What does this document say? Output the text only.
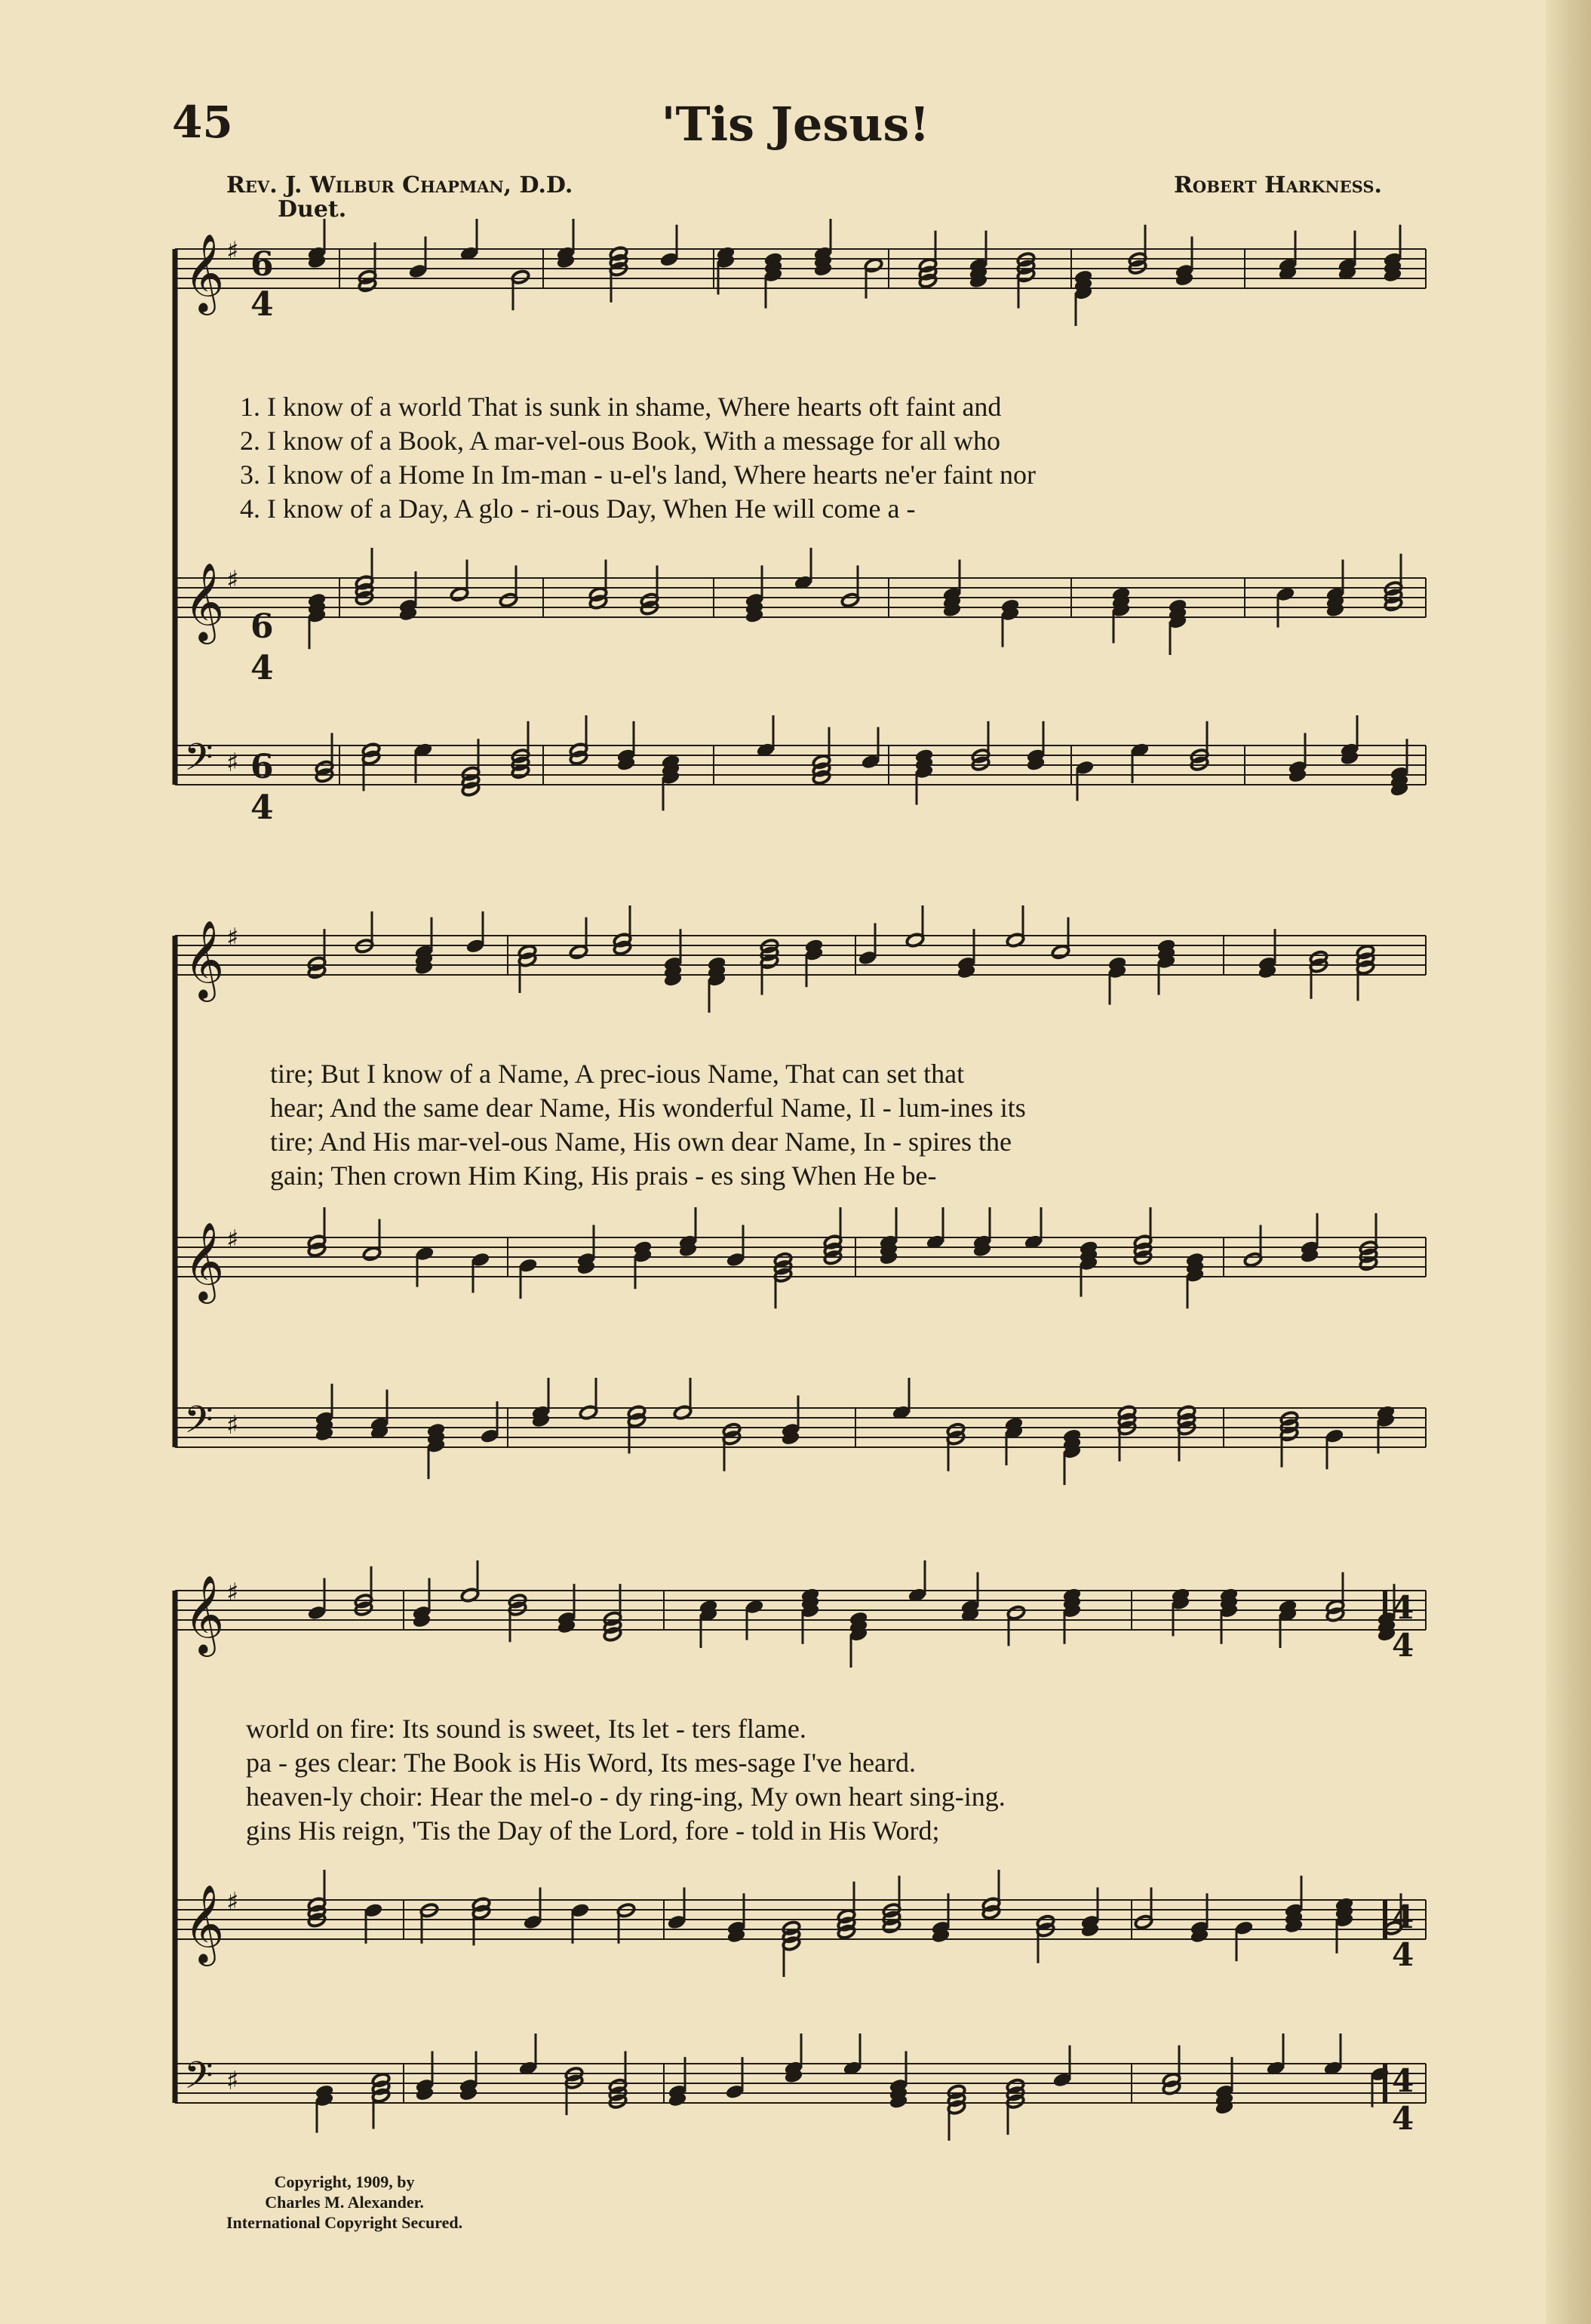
45	'Tis Jesus!
Rev. J. Wilbur Chapman, D.D.	Robert Harkness.
Duet.
𝄞 ♯
𝄞 ♯
𝄢 ♯
𝄞 ♯
𝄞 ♯
𝄢 ♯
𝄞 ♯
𝄞 ♯
𝄢 ♯
6
4
6
4
6
4
4
4
4
4
4
4
1. I know of a world That is sunk in shame, Where hearts oft faint and
2. I know of a Book, A mar-vel-ous Book, With a message for all who
3. I know of a Home In Im-man - u-el's land, Where hearts ne'er faint nor
4. I know of a Day, A glo - ri-ous Day, When He will come a -
tire; But I know of a Name, A prec-ious Name, That can set that
hear; And the same dear Name, His wonderful Name, Il - lum-ines its
tire; And His mar-vel-ous Name, His own dear Name, In - spires the
gain; Then crown Him King, His prais - es sing When He be-
world on fire: Its sound is sweet, Its let - ters flame.
pa - ges clear: The Book is His Word, Its mes-sage I've heard.
heaven-ly choir: Hear the mel-o - dy ring-ing, My own heart sing-ing.
gins His reign, 'Tis the Day of the Lord, fore - told in His Word;
Copyright, 1909, by
Charles M. Alexander.
International Copyright Secured.
